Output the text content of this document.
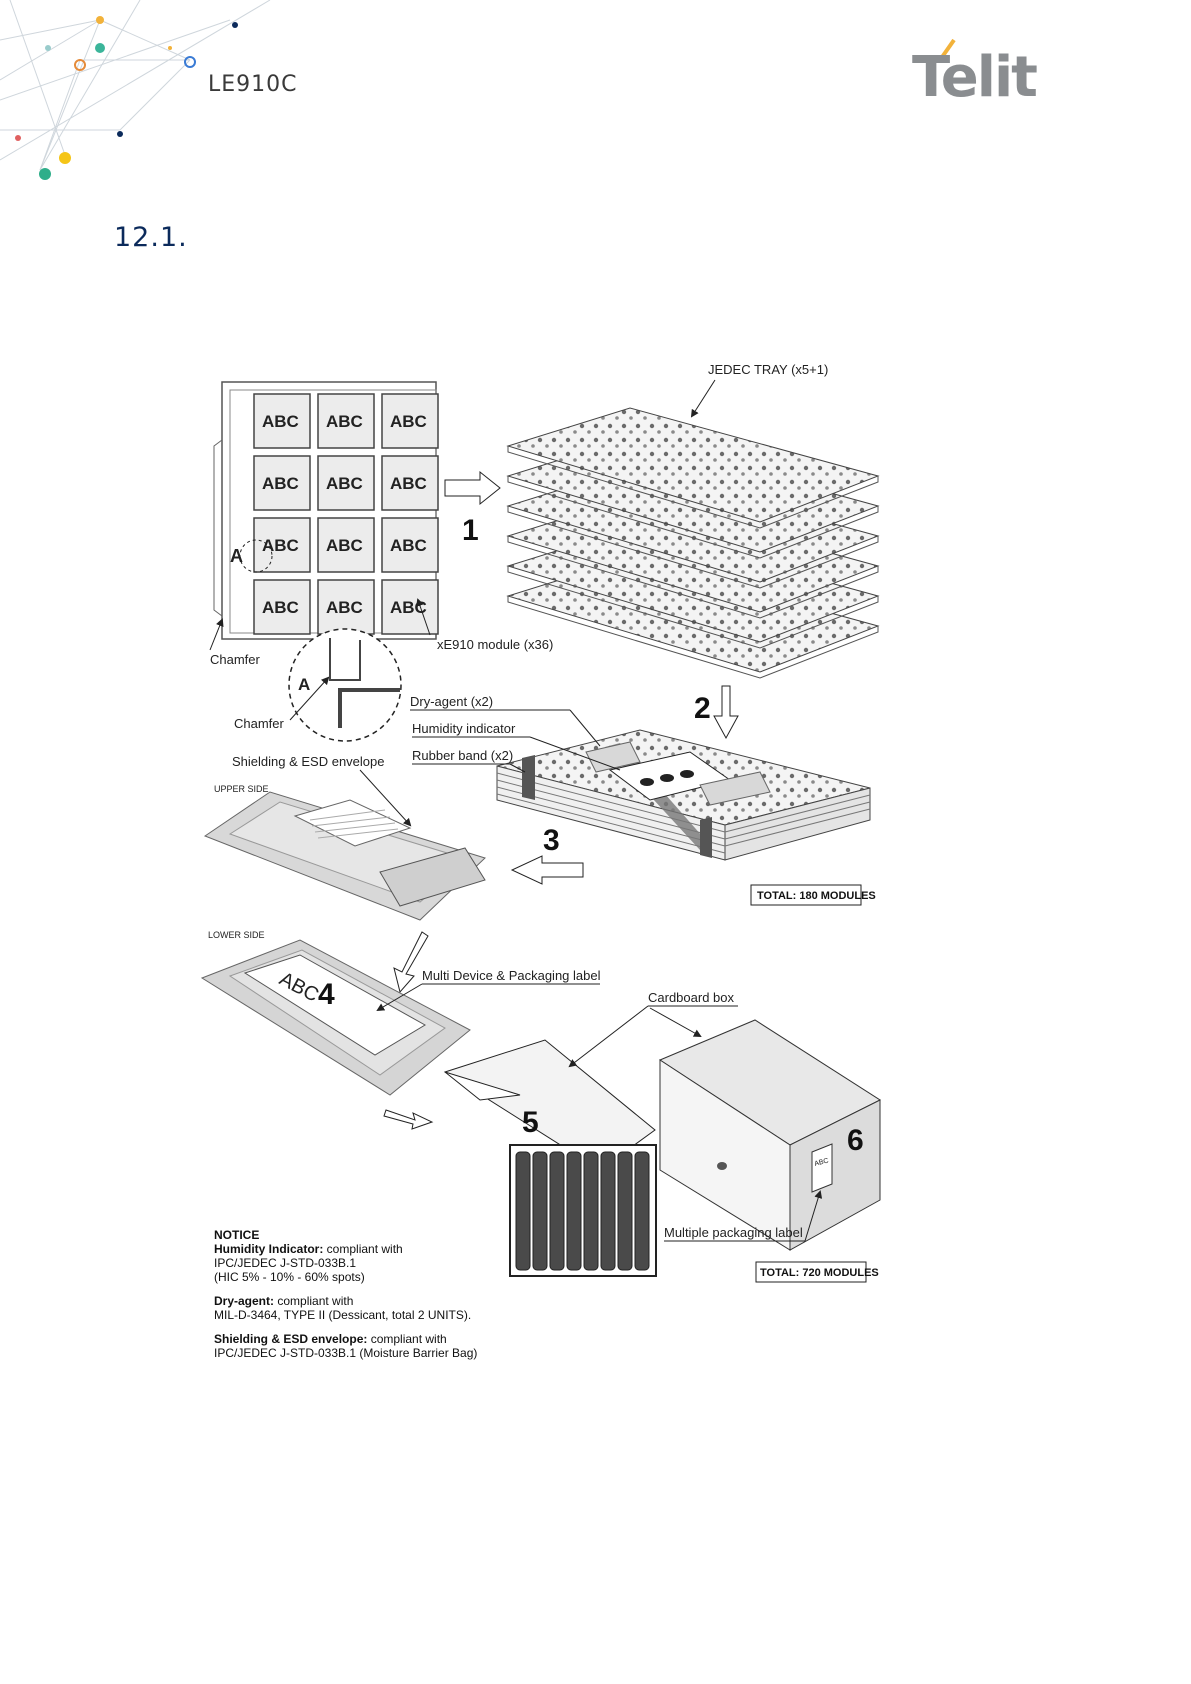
LE910C	Telit
12.1.
ABC ABC ABC
ABC ABC ABC
ABC ABC ABC
ABC ABC ABC
A
Chamfer
xE910 module (x36)
A
Chamfer
1
JEDEC TRAY (x5+1)
2
Dry-agent (x2)
Humidity indicator
Rubber band (x2)
TOTAL: 180 MODULES
3
Shielding & ESD envelope
UPPER SIDE
LOWER SIDE
ABC
4
Multi Device & Packaging label
5
ABC
6
Cardboard box
Multiple packaging label
TOTAL: 720 MODULES

NOTICE

Humidity Indicator: compliant with
IPC/JEDEC J-STD-033B.1
(HIC 5% - 10% - 60% spots)

Dry-agent: compliant with
MIL-D-3464, TYPE II (Dessicant, total 2 UNITS).

Shielding & ESD envelope: compliant with
IPC/JEDEC J-STD-033B.1 (Moisture Barrier Bag)
